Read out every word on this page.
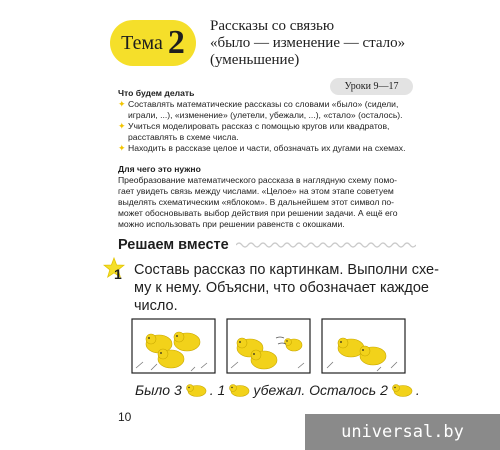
Тема 2 Рассказы со связью
«было — изменение — стало»
(уменьшение)
Уроки 9—17
Что будем делать
✦ Составлять математические рассказы со словами «было» (сидели,
играли, ...), «изменение» (улетели, убежали, ...), «стало» (осталось).
✦ Учиться моделировать рассказ с помощью кругов или квадратов,
расставлять в схеме числа.
✦ Находить в рассказе целое и части, обозначать их дугами на схемах.
Для чего это нужно
Преобразование математического рассказа в наглядную схему помо-
гает увидеть связь между числами. «Целое» на этом этапе советуем
выделять схематическим «яблоком». В дальнейшем этот символ по-
может обосновывать выбор действия при решении задачи. А ещё его
можно использовать при решении равенств с окошками.
Решаем вместе
1 Составь рассказ по картинкам. Выполни схе-
му к нему. Объясни, что обозначает каждое
число.
Было 3 . 1 убежал. Осталось 2 .
10
universal.by
